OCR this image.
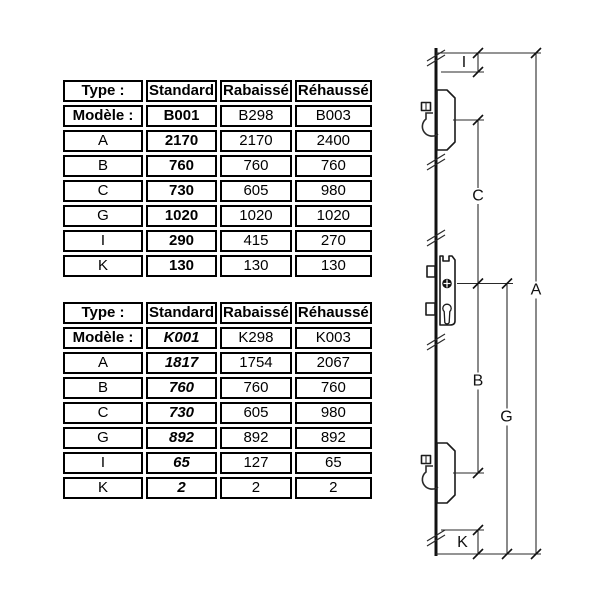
Type :	Standard	Rabaissé	Réhaussé
Modèle :	B001	B298	B003
A	2170	2170	2400
B	760	760	760
C	730	605	980
G	1020	1020	1020
I	290	415	270
K	130	130	130
Type :	Standard	Rabaissé	Réhaussé
Modèle :	K001	K298	K003
A	1817	1754	2067
B	760	760	760
C	730	605	980
G	892	892	892
I	65	127	65
K	2	2	2
I
C
B
K
G
A
